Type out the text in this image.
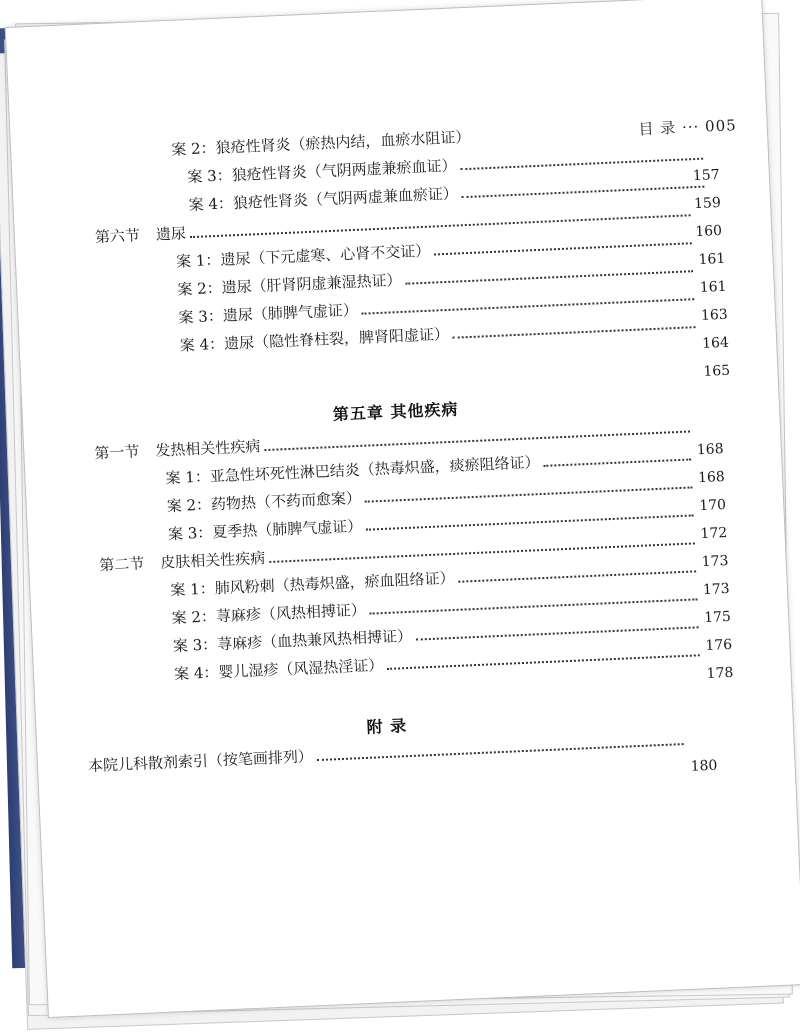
目 录 ··· 005
案 2：狼疮性肾炎（瘀热内结，血瘀水阻证）
案 3：狼疮性肾炎（气阴两虚兼瘀血证）	157
案 4：狼疮性肾炎（气阴两虚兼血瘀证）	159
第六节 遗尿	160
案 1：遗尿（下元虚寒、心肾不交证）	161
案 2：遗尿（肝肾阴虚兼湿热证）	161
案 3：遗尿（肺脾气虚证）	163
案 4：遗尿（隐性脊柱裂，脾肾阳虚证）	164
165
第五章 其他疾病
第一节 发热相关性疾病	168
案 1：亚急性坏死性淋巴结炎（热毒炽盛，痰瘀阻络证）	168
案 2：药物热（不药而愈案）	170
案 3：夏季热（肺脾气虚证）	172
第二节 皮肤相关性疾病	173
案 1：肺风粉刺（热毒炽盛，瘀血阻络证）	173
案 2：荨麻疹（风热相搏证）	175
案 3：荨麻疹（血热兼风热相搏证）	176
案 4：婴儿湿疹（风湿热淫证）	178
附 录
本院儿科散剂索引（按笔画排列）	180
